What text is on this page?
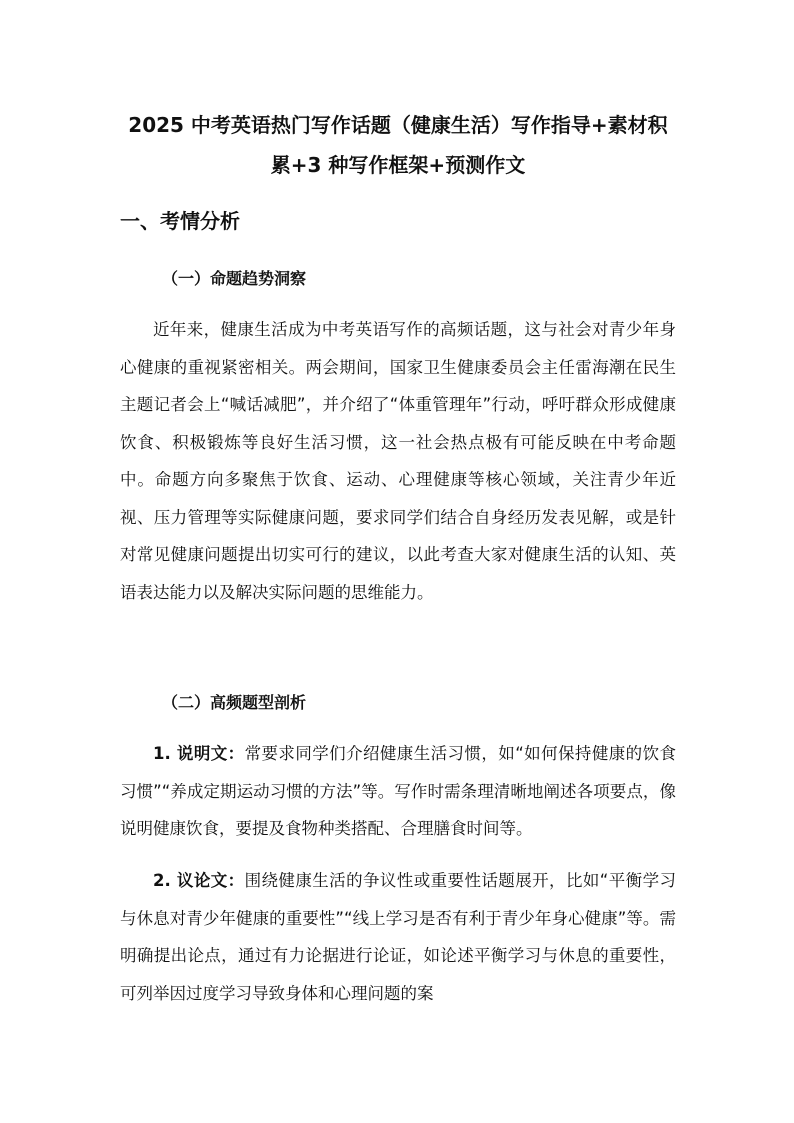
2025 中考英语热门写作话题（健康生活）写作指导+素材积累+3 种写作框架+预测作文
一、考情分析
（一）命题趋势洞察
近年来，健康生活成为中考英语写作的高频话题，这与社会对青少年身心健康的重视紧密相关。两会期间，国家卫生健康委员会主任雷海潮在民生主题记者会上“喊话减肥”，并介绍了“体重管理年”行动，呼吁群众形成健康饮食、积极锻炼等良好生活习惯，这一社会热点极有可能反映在中考命题中。命题方向多聚焦于饮食、运动、心理健康等核心领域，关注青少年近视、压力管理等实际健康问题，要求同学们结合自身经历发表见解，或是针对常见健康问题提出切实可行的建议，以此考查大家对健康生活的认知、英语表达能力以及解决实际问题的思维能力。
（二）高频题型剖析
1. 说明文：常要求同学们介绍健康生活习惯，如“如何保持健康的饮食习惯”“养成定期运动习惯的方法”等。写作时需条理清晰地阐述各项要点，像说明健康饮食，要提及食物种类搭配、合理膳食时间等。
2. 议论文：围绕健康生活的争议性或重要性话题展开，比如“平衡学习与休息对青少年健康的重要性”“线上学习是否有利于青少年身心健康”等。需明确提出论点，通过有力论据进行论证，如论述平衡学习与休息的重要性，可列举因过度学习导致身体和心理问题的案
